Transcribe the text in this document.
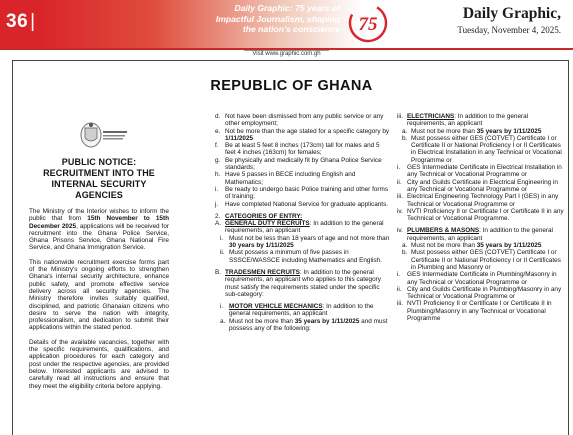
36 |
Daily Graphic: 75 years of
Impactful Journalism, shaping
the nation's conscience 75
Daily Graphic,
Tuesday, November 4, 2025.
Visit www.graphic.com.gh
REPUBLIC OF GHANA
PUBLIC NOTICE: RECRUITMENT INTO THE INTERNAL SECURITY AGENCIES

The Ministry of the Interior wishes to inform the public that from 15th November to 15th December 2025, applications will be received for recruitment into the Ghana Police Service, Ghana Prisons Service, Ghana National Fire Service, and Ghana Immigration Service.

This nationwide recruitment exercise forms part of the Ministry's ongoing efforts to strengthen Ghana's internal security architecture, enhance public safety, and promote effective service delivery across all security agencies. The Ministry therefore invites suitably qualified, disciplined, and patriotic Ghanaian citizens who desire to serve the nation with integrity, professionalism, and dedication to submit their applications within the stated period.

Details of the available vacancies, together with the specific requirements, qualifications, and application procedures for each category and post under the respective agencies, are provided below. Interested applicants are advised to carefully read all instructions and ensure that they meet the eligibility criteria before applying.

d. Not have been dismissed from any public service or any other employment;
e. Not be more than the age stated for a specific category by 1/11/2025
f. Be at least 5 feet 8 inches (173cm) tall for males and 5 feet 4 inches (163cm) for females;
g. Be physically and medically fit by Ghana Police Service standards;
h. Have 5 passes in BECE including English and Mathematics;
i. Be ready to undergo basic Police training and other forms of training;
j. Have completed National Service for graduate applicants.
2. CATEGORIES OF ENTRY:
A. GENERAL DUTY RECRUITS: In addition to the general requirements, an applicant
i. Must not be less than 18 years of age and not more than 30 years by 1/11/2025
ii. Must possess a minimum of five passes in SSSCE/WASSCE including Mathematics and English.
B. TRADESMEN RECRUITS: In addition to the general requirements, an applicant who applies to this category must satisfy the requirements stated under the specific sub-category:
i. MOTOR VEHICLE MECHANICS: In addition to the general requirements, an applicant
a. Must not be more than 35 years by 1/11/2025 and must possess any of the following:
iii. ELECTRICIANS: In addition to the general requirements, an applicant
a. Must not be more than 35 years by 1/11/2025
b. Must possess either GES (COTVET) Certificate I or Certificate II or National Proficiency I or II Certificates in Electrical Installation in any Technical or Vocational Programme or
i. GES Intermediate Certificate in Electrical Installation in any Technical or Vocational Programme or
ii. City and Guilds Certificate in Electrical Engineering in any Technical or Vocational Programme or
iii. Electrical Engineering Technology Part I (GES) in any Technical or Vocational Programme or
iv. NVTI Proficiency II or Certificate I or Certificate II in any Technical or Vocational Programme.
iv. PLUMBERS & MASONS: In addition to the general requirements, an applicant
a. Must not be more than 35 years by 1/11/2025
b. Must possess either GES (COTVET) Certificate I or Certificate II or National Proficiency I or II Certificates in Plumbing and Masonry or
i. GES Intermediate Certificate in Plumbing/Masonry in any Technical or Vocational Programme or
ii. City and Guilds Certificate in Plumbing/Masonry in any Technical or Vocational Programme or
iii. NVTI Proficiency II or Certificate I or Certificate II in Plumbing/Masonry in any Technical or Vocational Programme
